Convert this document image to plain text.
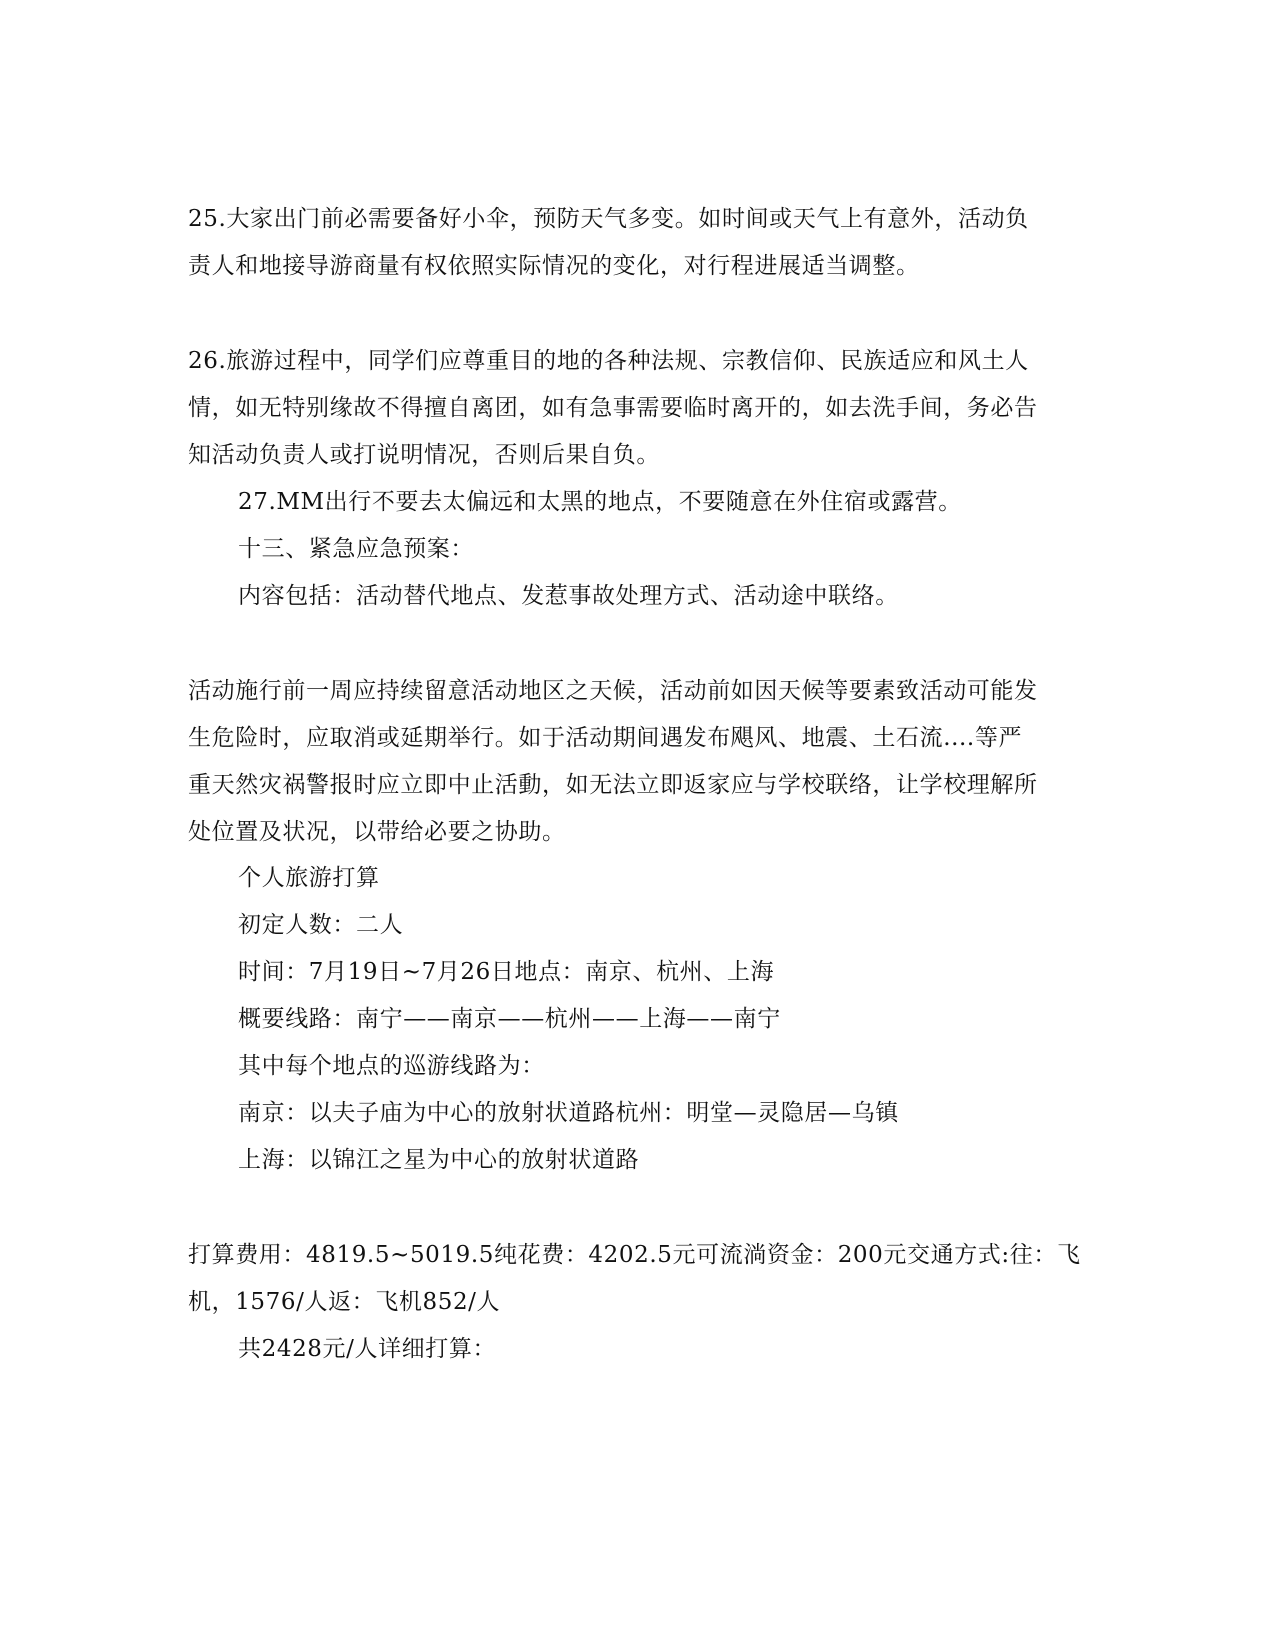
25.大家出门前必需要备好小伞，预防天气多变。如时间或天气上有意外，活动负
责人和地接导游商量有权依照实际情况的变化，对行程进展适当调整。
26.旅游过程中，同学们应尊重目的地的各种法规、宗教信仰、民族适应和风土人
情，如无特别缘故不得擅自离团，如有急事需要临时离开的，如去洗手间，务必告
知活动负责人或打说明情况，否则后果自负。
27.MM出行不要去太偏远和太黑的地点，不要随意在外住宿或露营。
十三、紧急应急预案：
内容包括：活动替代地点、发惹事故处理方式、活动途中联络。
活动施行前一周应持续留意活动地区之天候，活动前如因天候等要素致活动可能发
生危险时，应取消或延期举行。如于活动期间遇发布飓风、地震、土石流....等严
重天然灾祸警报时应立即中止活動，如无法立即返家应与学校联络，让学校理解所
处位置及状况，以带给必要之协助。
个人旅游打算
初定人数：二人
时间：7月19日~7月26日地点：南京、杭州、上海
概要线路：南宁——南京——杭州——上海——南宁
其中每个地点的巡游线路为：
南京：以夫子庙为中心的放射状道路杭州：明堂—灵隐居—乌镇
上海：以锦江之星为中心的放射状道路
打算费用：4819.5~5019.5纯花费：4202.5元可流淌资金：200元交通方式:往：飞
机，1576/人返：飞机852/人
共2428元/人详细打算：
